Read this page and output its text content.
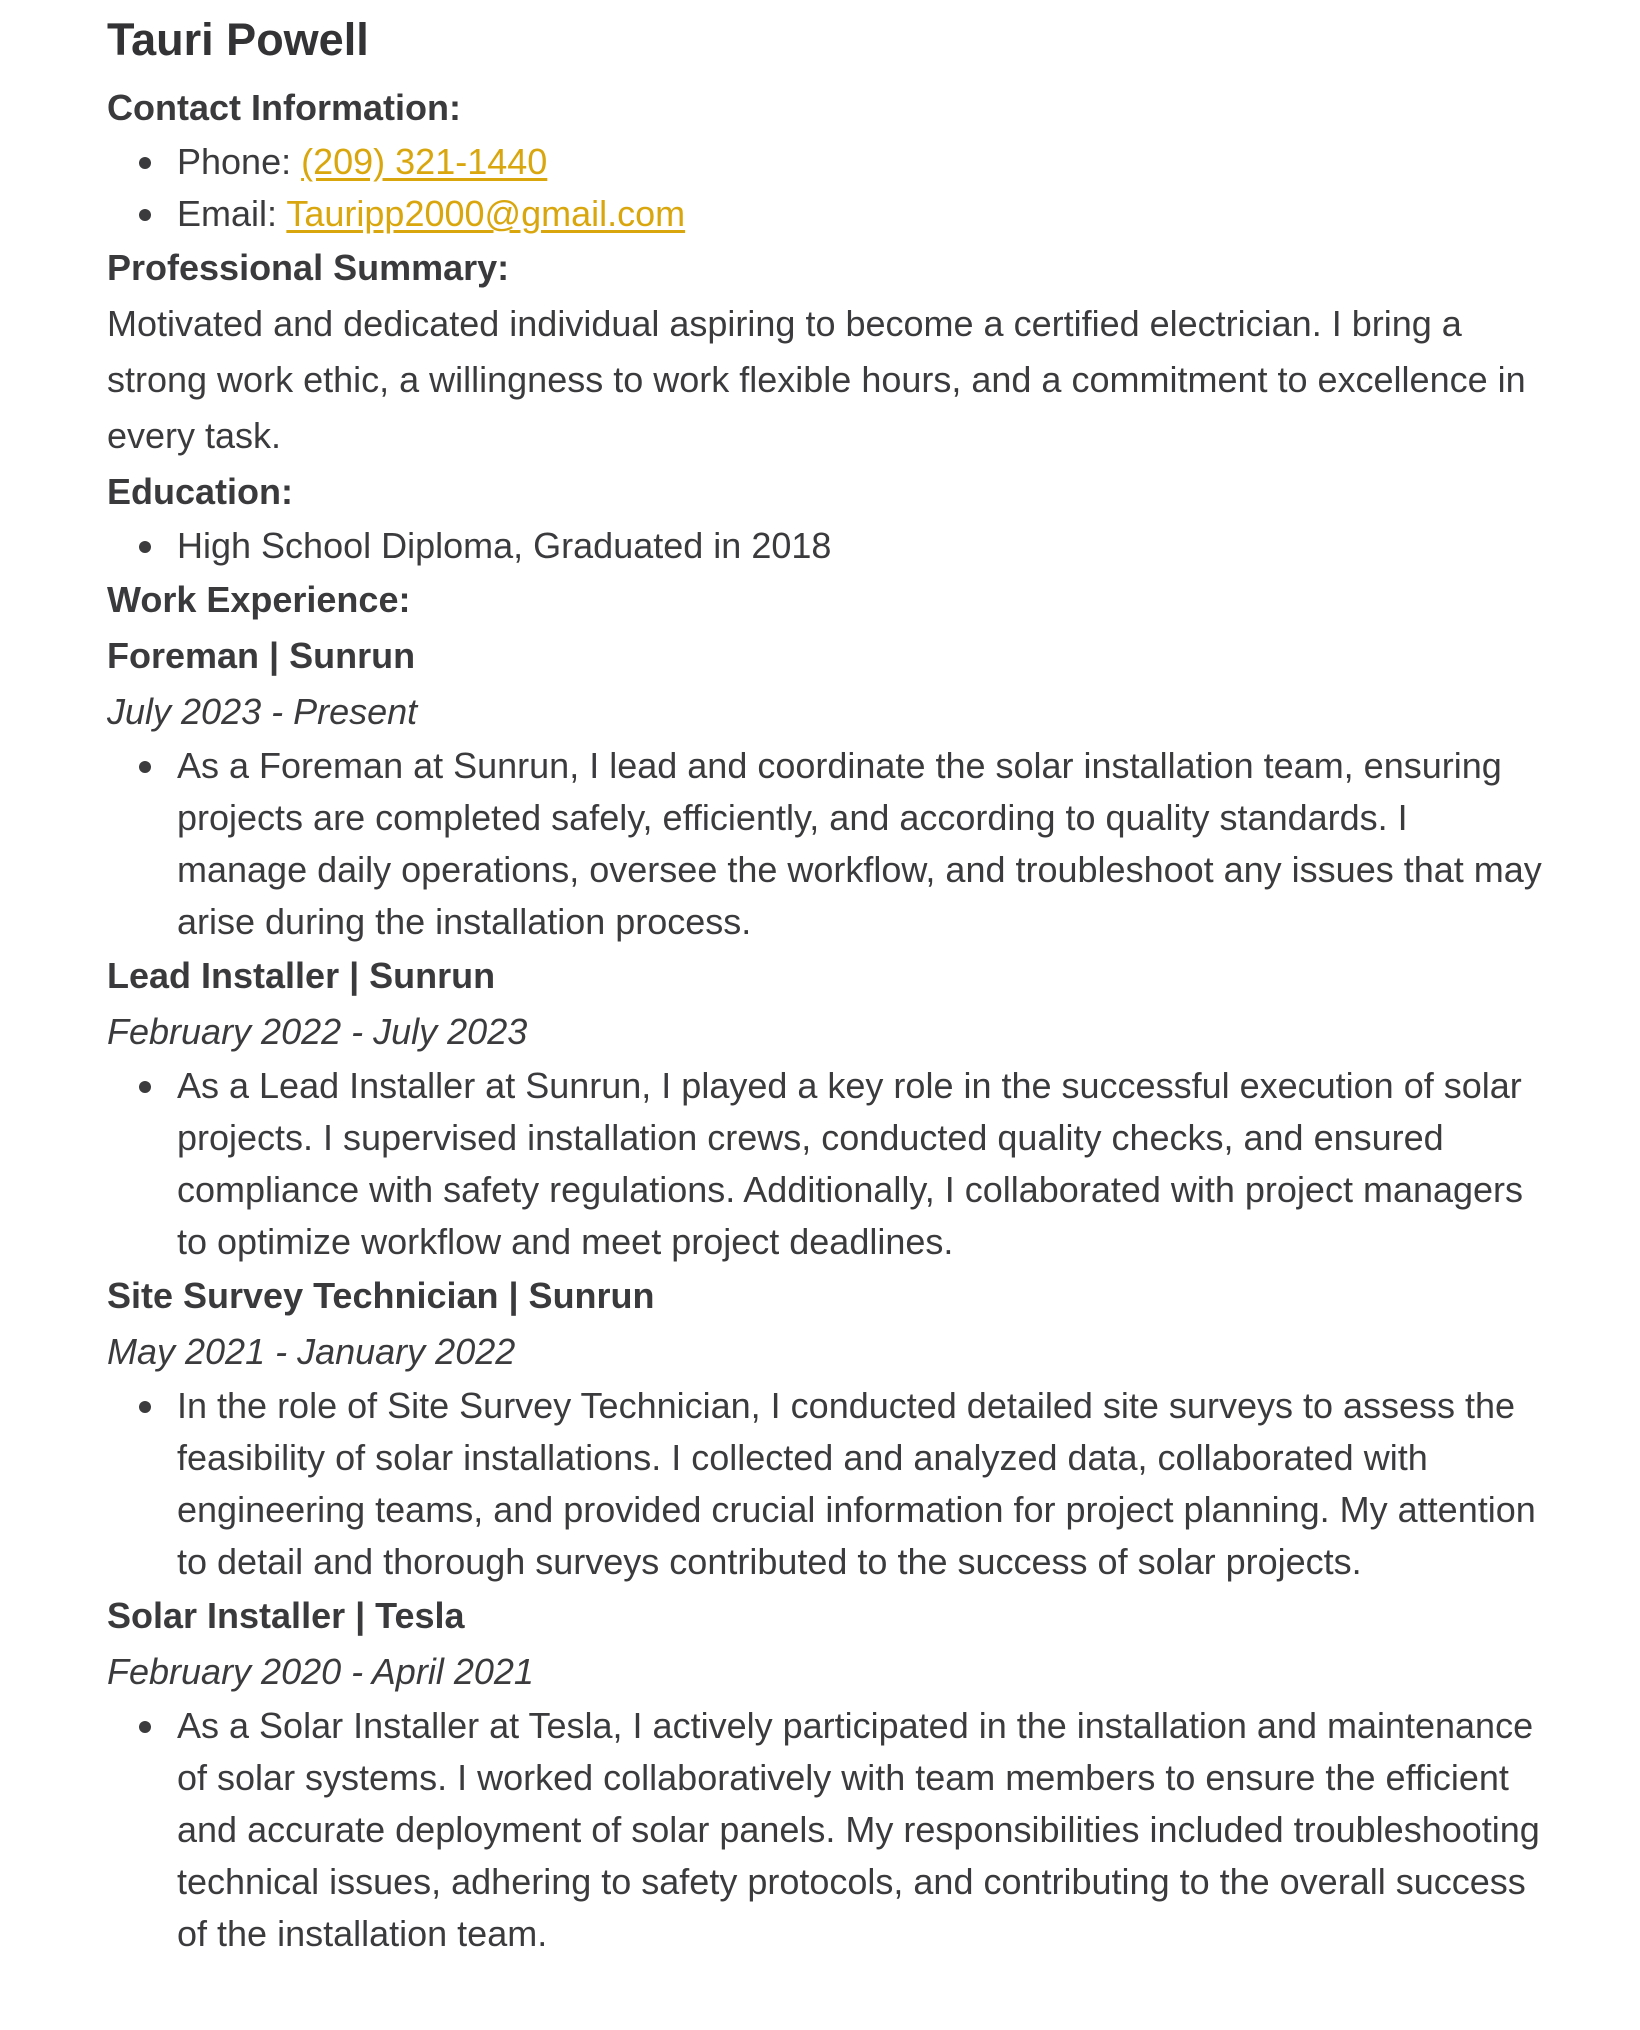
Tauri Powell
Contact Information:
Phone: (209) 321-1440
Email: Tauripp2000@gmail.com
Professional Summary:

Motivated and dedicated individual aspiring to become a certified electrician. I bring a strong work ethic, a willingness to work flexible hours, and a commitment to excellence in every task.

Education:
High School Diploma, Graduated in 2018
Work Experience:
Foreman | Sunrun
July 2023 - Present
As a Foreman at Sunrun, I lead and coordinate the solar installation team, ensuring projects are completed safely, efficiently, and according to quality standards. I manage daily operations, oversee the workflow, and troubleshoot any issues that may arise during the installation process.
Lead Installer | Sunrun
February 2022 - July 2023
As a Lead Installer at Sunrun, I played a key role in the successful execution of solar projects. I supervised installation crews, conducted quality checks, and ensured compliance with safety regulations. Additionally, I collaborated with project managers to optimize workflow and meet project deadlines.
Site Survey Technician | Sunrun
May 2021 - January 2022
In the role of Site Survey Technician, I conducted detailed site surveys to assess the feasibility of solar installations. I collected and analyzed data, collaborated with engineering teams, and provided crucial information for project planning. My attention to detail and thorough surveys contributed to the success of solar projects.
Solar Installer | Tesla
February 2020 - April 2021
As a Solar Installer at Tesla, I actively participated in the installation and maintenance of solar systems. I worked collaboratively with team members to ensure the efficient and accurate deployment of solar panels. My responsibilities included troubleshooting technical issues, adhering to safety protocols, and contributing to the overall success of the installation team.
